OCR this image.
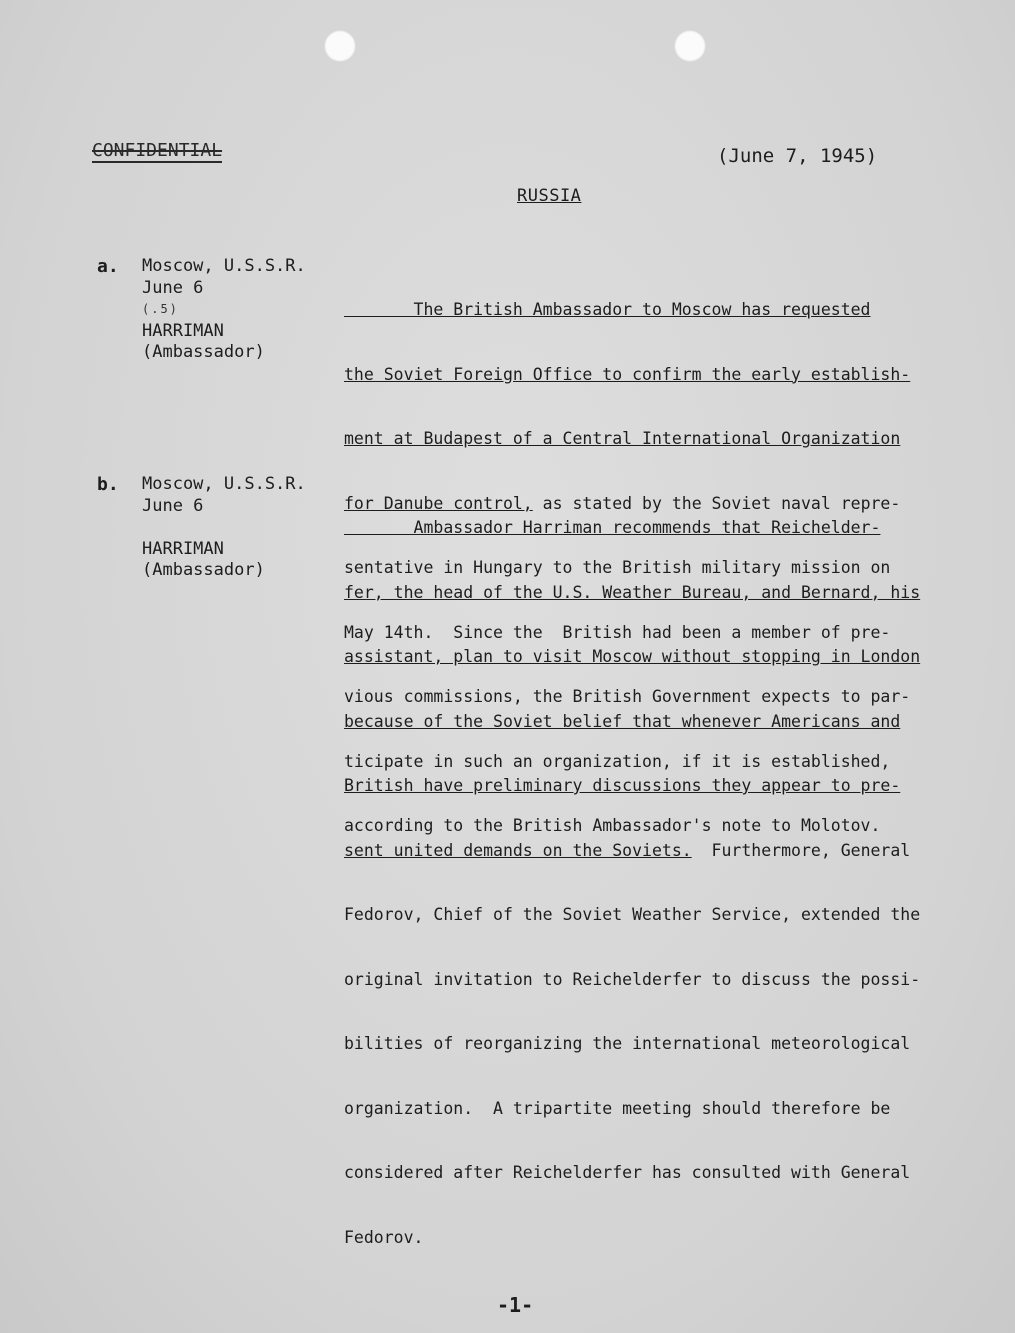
CONFIDENTIAL	(June 7, 1945)
RUSSIA
a. Moscow, U.S.S.R.
June 6
(.5)
HARRIMAN
(Ambassador)

The British Ambassador to Moscow has requested

the Soviet Foreign Office to confirm the early establish-

ment at Budapest of a Central International Organization

for Danube control, as stated by the Soviet naval repre-

sentative in Hungary to the British military mission on

May 14th.  Since the  British had been a member of pre-

vious commissions, the British Government expects to par-

ticipate in such an organization, if it is established,

according to the British Ambassador's note to Molotov.

b. Moscow, U.S.S.R.
June 6
HARRIMAN
(Ambassador)

Ambassador Harriman recommends that Reichelder-

fer, the head of the U.S. Weather Bureau, and Bernard, his

assistant, plan to visit Moscow without stopping in London

because of the Soviet belief that whenever Americans and

British have preliminary discussions they appear to pre-

sent united demands on the Soviets.  Furthermore, General

Fedorov, Chief of the Soviet Weather Service, extended the

original invitation to Reichelderfer to discuss the possi-

bilities of reorganizing the international meteorological

organization.  A tripartite meeting should therefore be

considered after Reichelderfer has consulted with General

Fedorov.

-1-
